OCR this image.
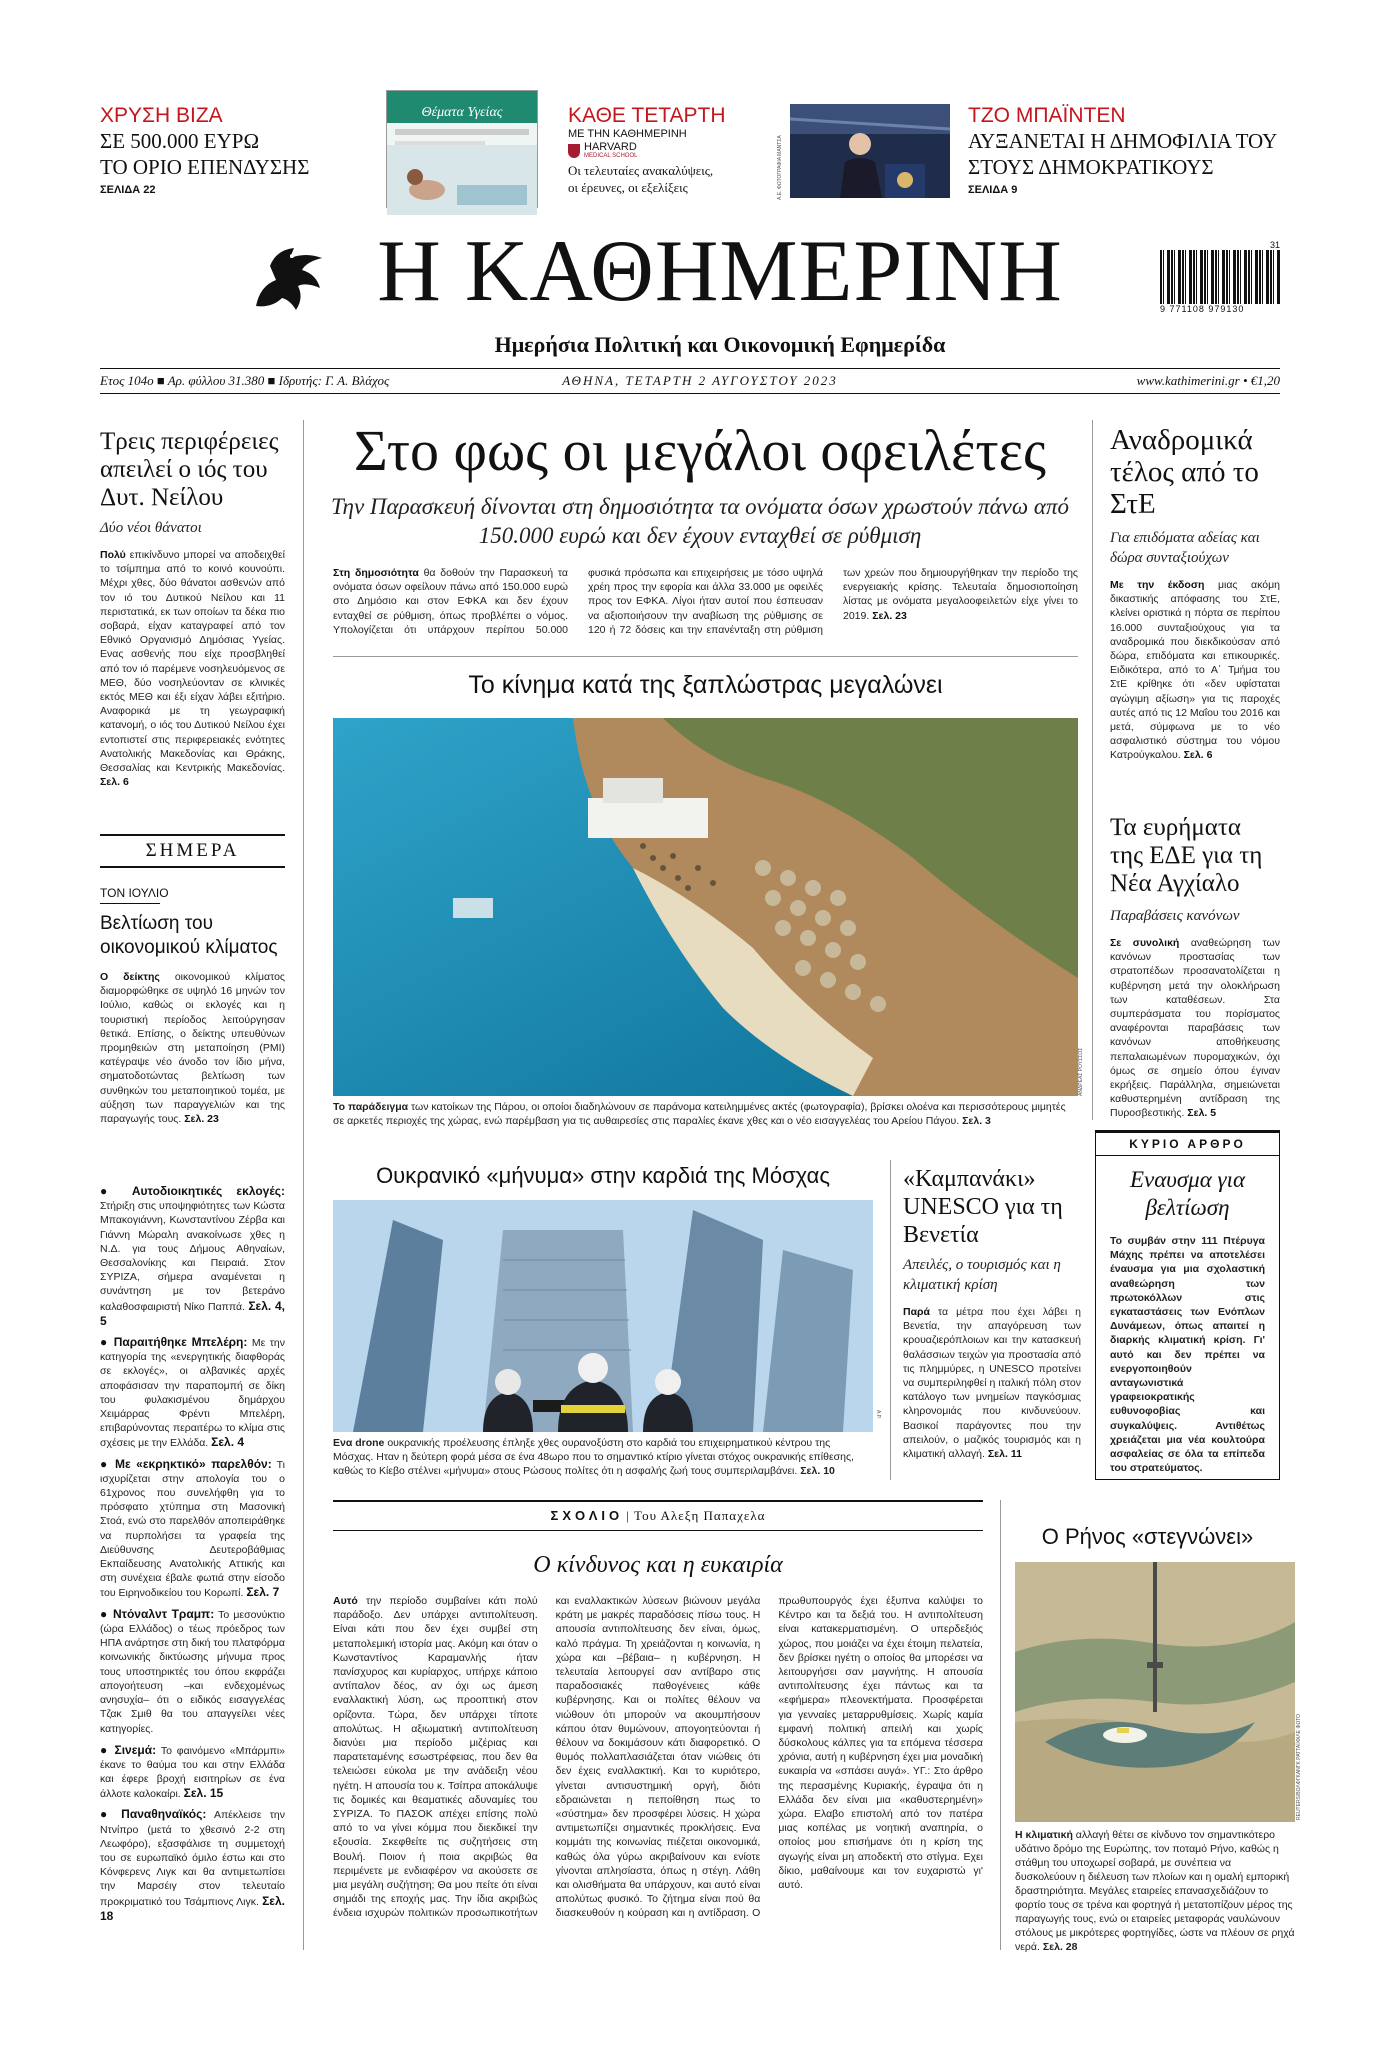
ΧΡΥΣΗ ΒΙΖΑ
ΣΕ 500.000 ΕΥΡΩ
ΤΟ ΟΡΙΟ ΕΠΕΝΔΥΣΗΣ
ΣΕΛΙΔΑ 22
Θέματα Υγείας	ΚΑΘΕ ΤΕΤΑΡΤΗ
ΜΕ ΤΗΝ ΚΑΘΗΜΕΡΙΝΗ
HARVARD
MEDICAL SCHOOL
Οι τελευταίες ανακαλύψεις,
οι έρευνες, οι εξελίξεις	Α.Ε. ΦΩΤΟΓΡΑΦΙΑ ΜΑΝΤΣΑ
ΤΖΟ ΜΠΑΪΝΤΕΝ
ΑΥΞΑΝΕΤΑΙ Η ΔΗΜΟΦΙΛΙΑ ΤΟΥ
ΣΤΟΥΣ ΔΗΜΟΚΡΑΤΙΚΟΥΣ
ΣΕΛΙΔΑ 9
Η ΚΑΘΗΜΕΡΙΝΗ	31
9 771108 979130
Ημερήσια Πολιτική και Οικονομική Εφημερίδα
Ετος 104ο ■ Αρ. φύλλου 31.380 ■ Ιδρυτής: Γ. Α. Βλάχος	ΑΘΗΝΑ, ΤΕΤΑΡΤΗ 2 ΑΥΓΟΥΣΤΟΥ 2023	www.kathimerini.gr • €1,20
Τρεις περιφέρειες απειλεί ο ιός του Δυτ. Νείλου
Δύο νέοι θάνατοι
Πολύ επικίνδυνο μπορεί να αποδειχθεί το τσίμπημα από το κοινό κουνούπι. Μέχρι χθες, δύο θάνατοι ασθενών από τον ιό του Δυτικού Νείλου και 11 περιστατικά, εκ των οποίων τα δέκα πιο σοβαρά, είχαν καταγραφεί από τον Εθνικό Οργανισμό Δημόσιας Υγείας. Ενας ασθενής που είχε προσβληθεί από τον ιό παρέμενε νοσηλευόμενος σε ΜΕΘ, δύο νοσηλεύονταν σε κλινικές εκτός ΜΕΘ και έξι είχαν λάβει εξιτήριο. Αναφορικά με τη γεωγραφική κατανομή, ο ιός του Δυτικού Νείλου έχει εντοπιστεί στις περιφερειακές ενότητες Ανατολικής Μακεδονίας και Θράκης, Θεσσαλίας και Κεντρικής Μακεδονίας. Σελ. 6
ΣΗΜΕΡΑ
ΤΟΝ ΙΟΥΛΙΟ
Βελτίωση του οικονομικού κλίματος
Ο δείκτης οικονομικού κλίματος διαμορφώθηκε σε υψηλό 16 μηνών τον Ιούλιο, καθώς οι εκλογές και η τουριστική περίοδος λειτούργησαν θετικά. Επίσης, ο δείκτης υπευθύνων προμηθειών στη μεταποίηση (PMI) κατέγραψε νέο άνοδο τον ίδιο μήνα, σηματοδοτώντας βελτίωση των συνθηκών του μεταποιητικού τομέα, με αύξηση των παραγγελιών και της παραγωγής τους. Σελ. 23
● Αυτοδιοικητικές εκλογές: Στήριξη στις υποψηφιότητες των Κώστα Μπακογιάννη, Κωνσταντίνου Ζέρβα και Γιάννη Μώραλη ανακοίνωσε χθες η Ν.Δ. για τους Δήμους Αθηναίων, Θεσσαλονίκης και Πειραιά. Στον ΣΥΡΙΖΑ, σήμερα αναμένεται η συνάντηση με τον βετεράνο καλαθοσφαιριστή Νίκο Παππά. Σελ. 4, 5
● Παραιτήθηκε Μπελέρη: Με την κατηγορία της «ενεργητικής διαφθοράς σε εκλογές», οι αλβανικές αρχές αποφάσισαν την παραπομπή σε δίκη του φυλακισμένου δημάρχου Χειμάρρας Φρέντι Μπελέρη, επιβαρύνοντας περαιτέρω το κλίμα στις σχέσεις με την Ελλάδα. Σελ. 4
● Με «εκρηκτικό» παρελθόν: Τι ισχυρίζεται στην απολογία του ο 61χρονος που συνελήφθη για το πρόσφατο χτύπημα στη Μασονική Στοά, ενώ στο παρελθόν αποπειράθηκε να πυρπολήσει τα γραφεία της Διεύθυνσης Δευτεροβάθμιας Εκπαίδευσης Ανατολικής Αττικής και στη συνέχεια έβαλε φωτιά στην είσοδο του Ειρηνοδικείου του Κορωπί. Σελ. 7
● Ντόναλντ Τραμπ: Το μεσονύκτιο (ώρα Ελλάδος) ο τέως πρόεδρος των ΗΠΑ ανάρτησε στη δική του πλατφόρμα κοινωνικής δικτύωσης μήνυμα προς τους υποστηρικτές του όπου εκφράζει απογοήτευση –και ενδεχομένως ανησυχία– ότι ο ειδικός εισαγγελέας Τζακ Σμιθ θα του απαγγείλει νέες κατηγορίες.
● Σινεμά: Το φαινόμενο «Μπάρμπι» έκανε το θαύμα του και στην Ελλάδα και έφερε βροχή εισιτηρίων σε ένα άλλοτε καλοκαίρι. Σελ. 15
● Παναθηναϊκός: Απέκλεισε την Ντνίπρο (μετά το χθεσινό 2-2 στη Λεωφόρο), εξασφάλισε τη συμμετοχή του σε ευρωπαϊκό όμιλο έστω και στο Κόνφερενς Λιγκ και θα αντιμετωπίσει την Μαρσέιγ στον τελευταίο προκριματικό του Τσάμπιονς Λιγκ. Σελ. 18
Στο φως οι μεγάλοι οφειλέτες
Την Παρασκευή δίνονται στη δημοσιότητα τα ονόματα όσων χρωστούν πάνω από 150.000 ευρώ και δεν έχουν ενταχθεί σε ρύθμιση
Στη δημοσιότητα θα δοθούν την Παρασκευή τα ονόματα όσων οφείλουν πάνω από 150.000 ευρώ στο Δημόσιο και στον ΕΦΚΑ και δεν έχουν ενταχθεί σε ρύθμιση, όπως προβλέπει ο νόμος. Υπολογίζεται ότι υπάρχουν περίπου 50.000 φυσικά πρόσωπα και επιχειρήσεις με τόσο υψηλά χρέη προς την εφορία και άλλα 33.000 με οφειλές προς τον ΕΦΚΑ. Λίγοι ήταν αυτοί που έσπευσαν να αξιοποιήσουν την αναβίωση της ρύθμισης σε 120 ή 72 δόσεις και την επανένταξη στη ρύθμιση των χρεών που δημιουργήθηκαν την περίοδο της ενεργειακής κρίσης. Τελευταία δημοσιοποίηση λίστας με ονόματα μεγαλοοφειλετών είχε γίνει το 2019. Σελ. 23
Το κίνημα κατά της ξαπλώστρας μεγαλώνει
ΑΝΔΡΕΑΣ ΡΟΥΣΣΟΣ
Το παράδειγμα των κατοίκων της Πάρου, οι οποίοι διαδηλώνουν σε παράνομα κατειλημμένες ακτές (φωτογραφία), βρίσκει ολοένα και περισσότερους μιμητές σε αρκετές περιοχές της χώρας, ενώ παρέμβαση για τις αυθαιρεσίες στις παραλίες έκανε χθες και ο νέο εισαγγελέας του Αρείου Πάγου. Σελ. 3
Ουκρανικό «μήνυμα» στην καρδιά της Μόσχας
A.P.
Ενα drone ουκρανικής προέλευσης έπληξε χθες ουρανοξύστη στο καρδιά του επιχειρηματικού κέντρου της Μόσχας. Ηταν η δεύτερη φορά μέσα σε ένα 48ωρο που το σημαντικό κτίριο γίνεται στόχος ουκρανικής επίθεσης, καθώς το Κίεβο στέλνει «μήνυμα» στους Ρώσους πολίτες ότι η ασφαλής ζωή τους συμπεριλαμβάνει. Σελ. 10
«Καμπανάκι» UNESCO για τη Βενετία
Απειλές, ο τουρισμός και η κλιματική κρίση
Παρά τα μέτρα που έχει λάβει η Βενετία, την απαγόρευση των κρουαζιερόπλοιων και την κατασκευή θαλάσσιων τειχών για προστασία από τις πλημμύρες, η UNESCO προτείνει να συμπεριληφθεί η ιταλική πόλη στον κατάλογο των μνημείων παγκόσμιας κληρονομιάς που κινδυνεύουν. Βασικοί παράγοντες που την απειλούν, ο μαζικός τουρισμός και η κλιματική αλλαγή. Σελ. 11
ΣΧΟΛΙΟ | Του Αλεξη Παπαχελα
Ο κίνδυνος και η ευκαιρία
Αυτό την περίοδο συμβαίνει κάτι πολύ παράδοξο. Δεν υπάρχει αντιπολίτευση. Είναι κάτι που δεν έχει συμβεί στη μεταπολεμική ιστορία μας. Ακόμη και όταν ο Κωνσταντίνος Καραμανλής ήταν πανίσχυρος και κυρίαρχος, υπήρχε κάποιο αντίπαλον δέος, αν όχι ως άμεση εναλλακτική λύση, ως προοπτική στον ορίζοντα. Τώρα, δεν υπάρχει τίποτε απολύτως. Η αξιωματική αντιπολίτευση διανύει μια περίοδο μιζέριας και παρατεταμένης εσωστρέφειας, που δεν θα τελειώσει εύκολα με την ανάδειξη νέου ηγέτη. Η απουσία του κ. Τσίπρα αποκάλυψε τις δομικές και θεαματικές αδυναμίες του ΣΥΡΙΖΑ. Το ΠΑΣΟΚ απέχει επίσης πολύ από το να γίνει κόμμα που διεκδικεί την εξουσία. Σκεφθείτε τις συζητήσεις στη Βουλή. Ποιον ή ποια ακριβώς θα περιμένετε με ενδιαφέρον να ακούσετε σε μια μεγάλη συζήτηση; Θα μου πείτε ότι είναι σημάδι της εποχής μας. Την ίδια ακριβώς ένδεια ισχυρών πολιτικών προσωπικοτήτων και εναλλακτικών λύσεων βιώνουν μεγάλα κράτη με μακρές παραδόσεις πίσω τους. Η απουσία αντιπολίτευσης δεν είναι, όμως, καλό πράγμα. Τη χρειάζονται η κοινωνία, η χώρα και –βέβαια– η κυβέρνηση. Η τελευταία λειτουργεί σαν αντίβαρο στις παραδοσιακές παθογένειες κάθε κυβέρνησης. Και οι πολίτες θέλουν να νιώθουν ότι μπορούν να ακουμπήσουν κάπου όταν θυμώνουν, απογοητεύονται ή θέλουν να δοκιμάσουν κάτι διαφορετικό. Ο θυμός πολλαπλασιάζεται όταν νιώθεις ότι δεν έχεις εναλλακτική. Και το κυριότερο, γίνεται αντισυστημική οργή, διότι εδραιώνεται η πεποίθηση πως το «σύστημα» δεν προσφέρει λύσεις. Η χώρα αντιμετωπίζει σημαντικές προκλήσεις. Ενα κομμάτι της κοινωνίας πιέζεται οικονομικά, καθώς όλα γύρω ακριβαίνουν και ενίοτε γίνονται απλησίαστα, όπως η στέγη. Λάθη και ολισθήματα θα υπάρχουν, και αυτό είναι απολύτως φυσικό. Το ζήτημα είναι πού θα διασκευθούν η κούραση και η αντίδραση. Ο πρωθυπουργός έχει έξυπνα καλύψει το Κέντρο και τα δεξιά του. Η αντιπολίτευση είναι κατακερματισμένη. Ο υπερδεξιός χώρος, που μοιάζει να έχει έτοιμη πελατεία, δεν βρίσκει ηγέτη ο οποίος θα μπορέσει να λειτουργήσει σαν μαγνήτης. Η απουσία αντιπολίτευσης έχει πάντως και τα «εφήμερα» πλεονεκτήματα. Προσφέρεται για γενναίες μεταρρυθμίσεις. Χωρίς καμία εμφανή πολιτική απειλή και χωρίς δύσκολους κάλπες για τα επόμενα τέσσερα χρόνια, αυτή η κυβέρνηση έχει μια μοναδική ευκαιρία να «σπάσει αυγά». ΥΓ.: Στο άρθρο της περασμένης Κυριακής, έγραψα ότι η Ελλάδα δεν είναι μια «καθυστερημένη» χώρα. Ελαβο επιστολή από τον πατέρα μιας κοπέλας με νοητική αναπηρία, ο οποίος μου επισήμανε ότι η κρίση της αγωγής είναι μη αποδεκτή στο στίγμα. Εχει δίκιο, μαθαίνουμε και τον ευχαριστώ γι' αυτό.
Αναδρομικά τέλος από το ΣτΕ
Για επιδόματα αδείας και δώρα συνταξιούχων
Με την έκδοση μιας ακόμη δικαστικής απόφασης του ΣτΕ, κλείνει οριστικά η πόρτα σε περίπου 16.000 συνταξιούχους για τα αναδρομικά που διεκδικούσαν από δώρα, επιδόματα και επικουρικές. Ειδικότερα, από το Α΄ Τμήμα του ΣτΕ κρίθηκε ότι «δεν υφίσταται αγώγιμη αξίωση» για τις παροχές αυτές από τις 12 Μαΐου του 2016 και μετά, σύμφωνα με το νέο ασφαλιστικό σύστημα του νόμου Κατρούγκαλου. Σελ. 6
Τα ευρήματα της ΕΔΕ για τη Νέα Αγχίαλο
Παραβάσεις κανόνων
Σε συνολική αναθεώρηση των κανόνων προστασίας των στρατοπέδων προσανατολίζεται η κυβέρνηση μετά την ολοκλήρωση των καταθέσεων. Στα συμπεράσματα του πορίσματος αναφέρονται παραβάσεις των κανόνων αποθήκευσης πεπαλαιωμένων πυρομαχικών, όχι όμως σε σημείο όπου έγιναν εκρήξεις. Παράλληλα, σημειώνεται καθυστερημένη αντίδραση της Πυροσβεστικής. Σελ. 5
ΚΥΡΙΟ ΑΡΘΡΟ
Εναυσμα για βελτίωση
Το συμβάν στην 111 Πτέρυγα Μάχης πρέπει να αποτελέσει έναυσμα για μια σχολαστική αναθεώρηση των πρωτοκόλλων στις εγκαταστάσεις των Ενόπλων Δυνάμεων, όπως απαιτεί η διαρκής κλιματική κρίση. Γι' αυτό και δεν πρέπει να ενεργοποιηθούν ανταγωνιστικά γραφειοκρατικής ευθυνοφοβίας και συγκαλύψεις. Αντιθέτως χρειάζεται μια νέα κουλτούρα ασφαλείας σε όλα τα επίπεδα του στρατεύματος.
Ο Ρήνος «στεγνώνει»
REUTERS/ΒΟΛΦΓΚΑΝΓΚ ΡΑΤΤΑΪ/ΦΙΛΕ ΦΩΤΟ
Η κλιματική αλλαγή θέτει σε κίνδυνο τον σημαντικότερο υδάτινο δρόμο της Ευρώπης, τον ποταμό Ρήνο, καθώς η στάθμη του υποχωρεί σοβαρά, με συνέπεια να δυσκολεύουν η διέλευση των πλοίων και η ομαλή εμπορική δραστηριότητα. Μεγάλες εταιρείες επανασχεδιάζουν το φορτίο τους σε τρένα και φορτηγά ή μετατοπίζουν μέρος της παραγωγής τους, ενώ οι εταιρείες μεταφοράς ναυλώνουν στόλους με μικρότερες φορτηγίδες, ώστε να πλέουν σε ρηχά νερά. Σελ. 28
